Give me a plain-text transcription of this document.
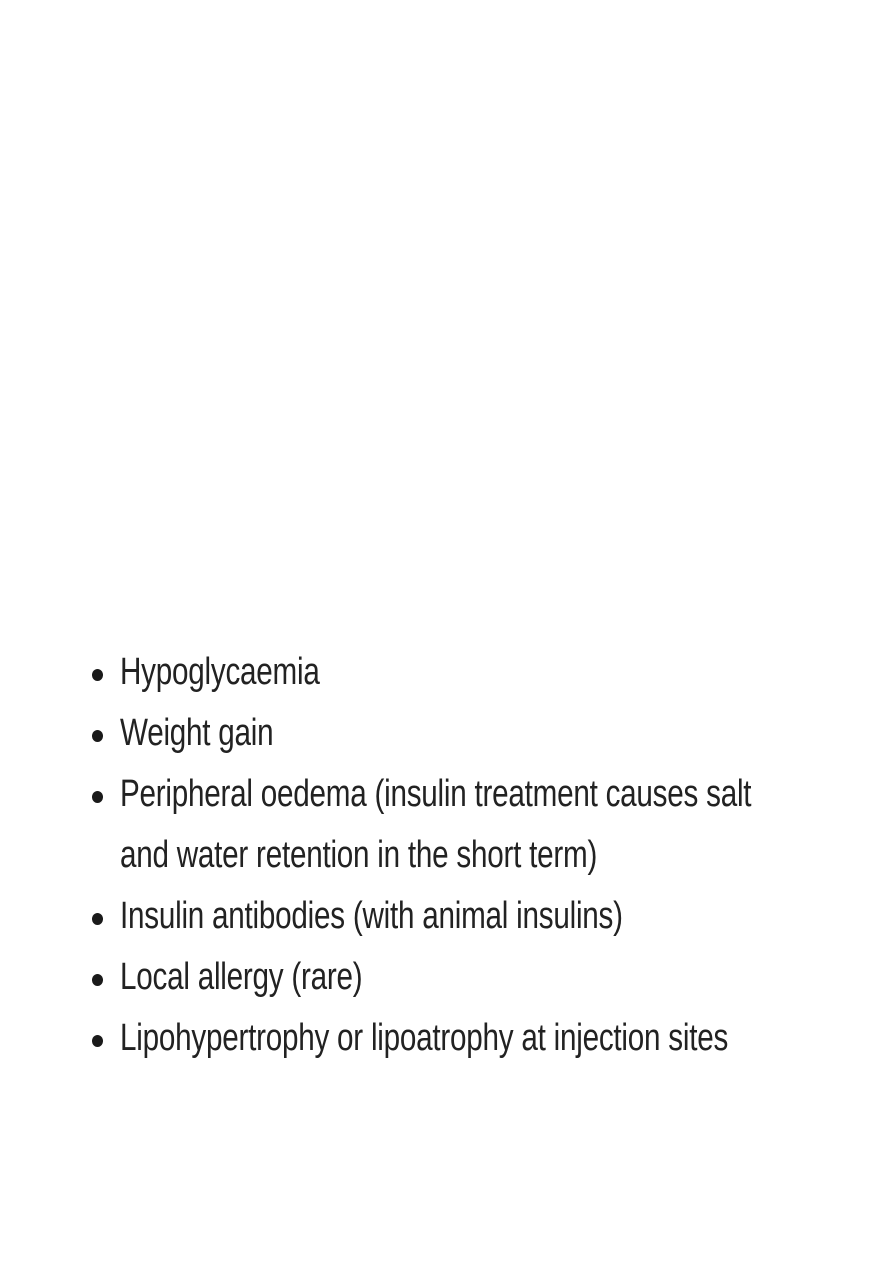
Hypoglycaemia
Weight gain
Peripheral oedema (insulin treatment causes salt and water retention in the short term)
Insulin antibodies (with animal insulins)
Local allergy (rare)
Lipohypertrophy or lipoatrophy at injection sites
